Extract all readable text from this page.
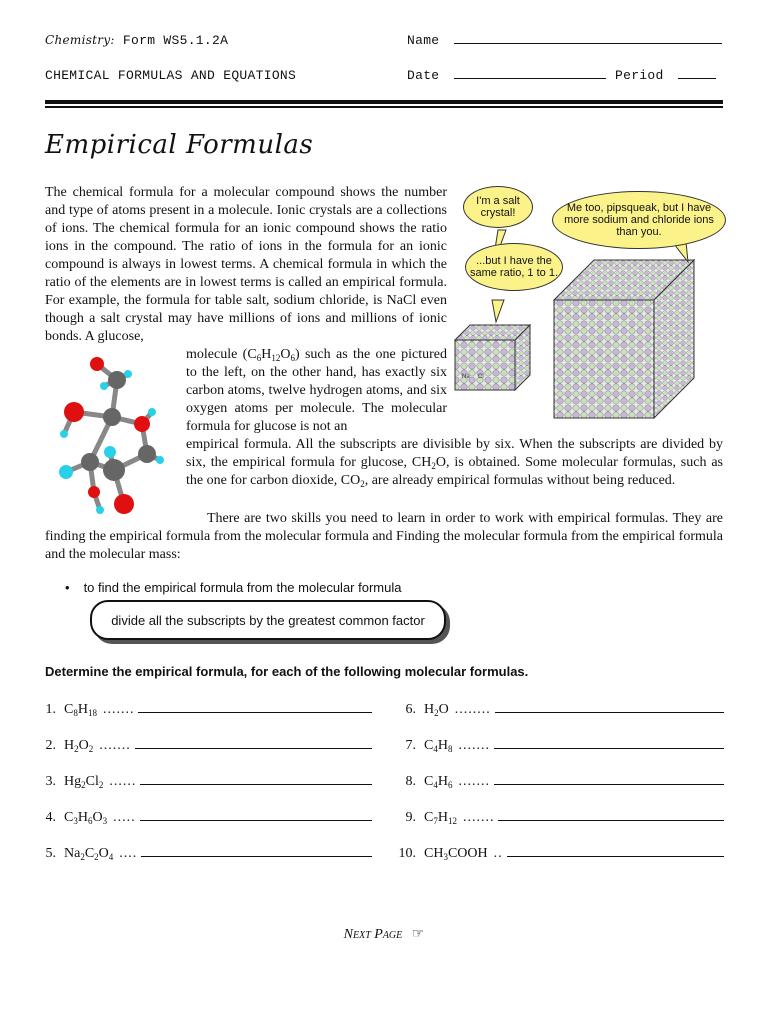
Chemistry: Form WS5.1.2A	Name
CHEMICAL FORMULAS AND EQUATIONS	Date	Period
Empirical Formulas
The chemical formula for a molecular compound shows the number and type of atoms present in a molecule. Ionic crystals are a collections of ions. The chemical formula for an ionic compound shows the ratio ions in the compound. The ratio of ions in the formula for an ionic compound is always in lowest terms. A chemical formula in which the ratio of the elements are in lowest terms is called an empirical formula. For example, the formula for table salt, sodium chloride, is NaCl even though a salt crystal may have millions of ions and millions of ionic bonds. A glucose,
molecule $(C_6H_{12}O_6)$ such as the one pictured to the left, on the other hand, has exactly six carbon atoms, twelve hydrogen atoms, and six oxygen atoms per molecule. The molecular formula for glucose is not an
empirical formula. All the subscripts are divisible by six. When the subscripts are divided by six, the empirical formula for glucose, $CH_2O$, is obtained. Some molecular formulas, such as the one for carbon dioxide, $CO_2$, are already empirical formulas without being reduced.
There are two skills you need to learn in order to work with empirical formulas. They are finding the empirical formula from the molecular formula and Finding the molecular formula from the empirical formula and the molecular mass:
Na Cl
I'm a salt crystal!
...but I have the same ratio, 1 to 1.
Me too, pipsqueak, but I have more sodium and chloride ions than you.
• to find the empirical formula from the molecular formula
divide all the subscripts by the greatest common factor
Determine the empirical formula, for each of the following molecular formulas.
1. $C_8H_{18}$ .......
2. $H_2O_2$ .......
3. $Hg_2Cl_2$ ......
4. $C_3H_6O_3$ .....
5. $Na_2C_2O_4$ ....
6. $H_2O$ ........
7. $C_4H_8$ .......
8. $C_4H_6$ .......
9. $C_7H_{12}$ .......
10. $CH_3COOH$ ..
Next Page ☞
